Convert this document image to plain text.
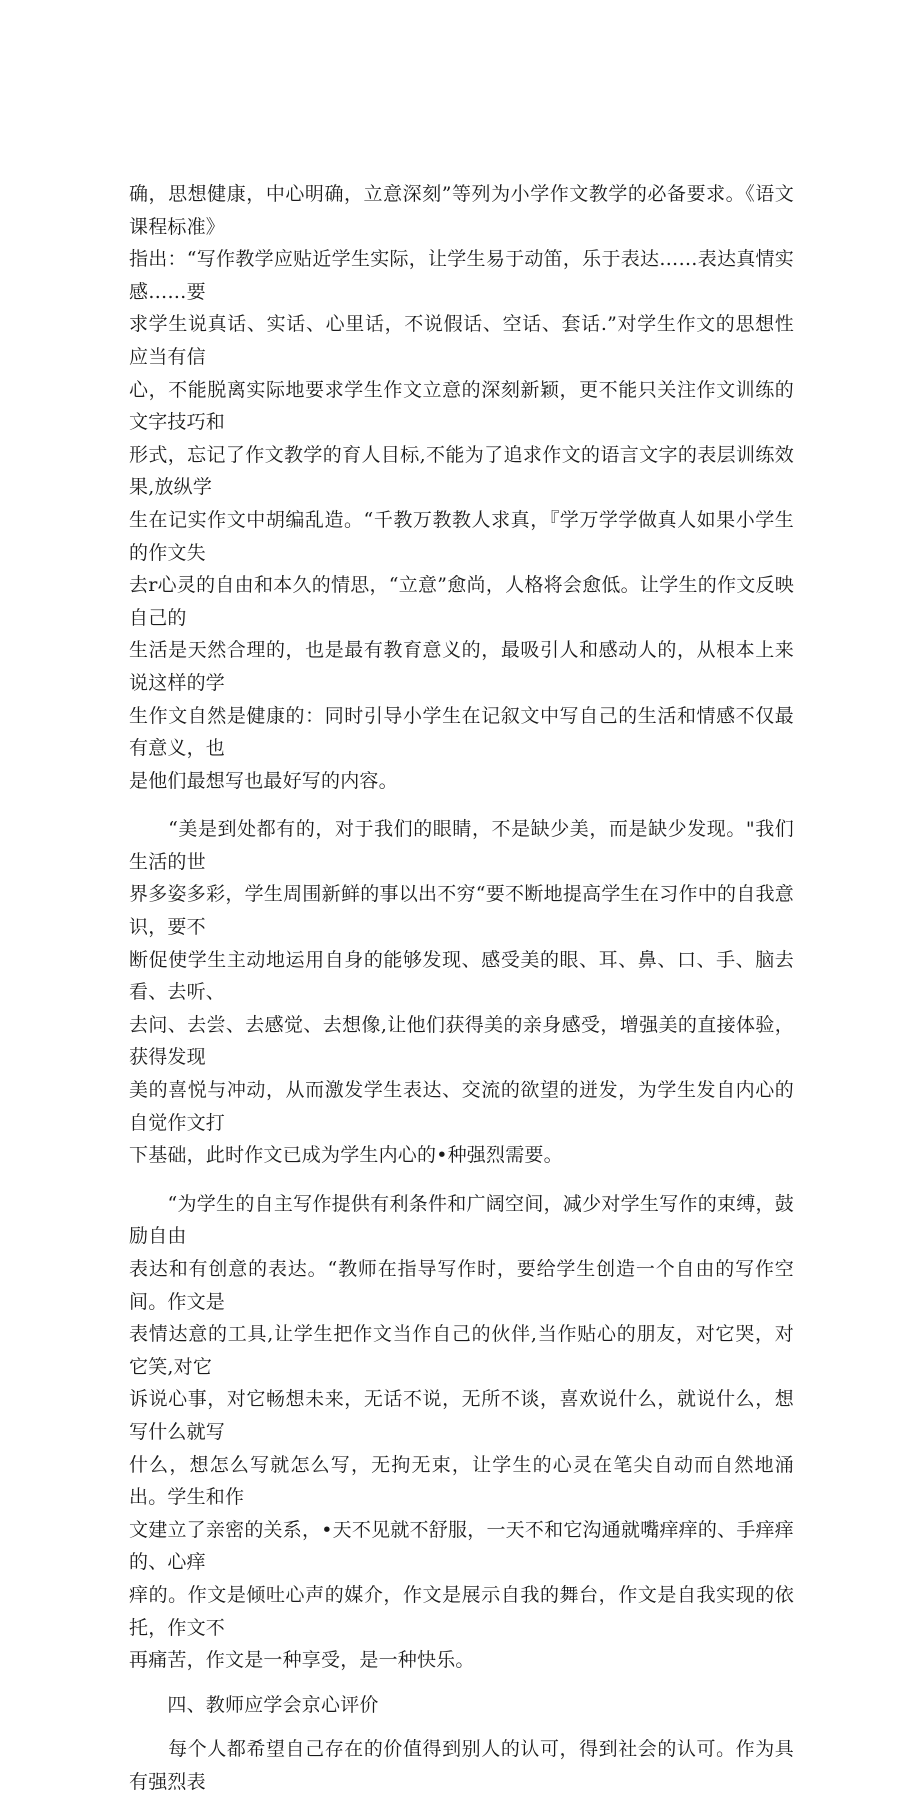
确，思想健康，中心明确，立意深刻”等列为小学作文教学的必备要求。《语文课程标准》
指出：“写作教学应贴近学生实际，让学生易于动笛，乐于表达……表达真情实感……要
求学生说真话、实话、心里话，不说假话、空话、套话.”对学生作文的思想性应当有信
心，不能脱离实际地要求学生作文立意的深刻新颖，更不能只关注作文训练的文字技巧和
形式，忘记了作文教学的育人目标,不能为了追求作文的语言文字的表层训练效果,放纵学
生在记实作文中胡编乱造。“千教万教教人求真，『学万学学做真人如果小学生的作文失
去r心灵的自由和本久的情思，“立意”愈尚，人格将会愈低。让学生的作文反映自己的
生活是天然合理的，也是最有教育意义的，最吸引人和感动人的，从根本上来说这样的学
生作文自然是健康的：同时引导小学生在记叙文中写自己的生活和情感不仅最有意义，也
是他们最想写也最好写的内容。

　　“美是到处都有的，对于我们的眼睛，不是缺少美，而是缺少发现。"我们生活的世
界多姿多彩，学生周围新鲜的事以出不穷“要不断地提高学生在习作中的自我意识，要不
断促使学生主动地运用自身的能够发现、感受美的眼、耳、鼻、口、手、脑去看、去听、
去问、去尝、去感觉、去想像,让他们获得美的亲身感受，增强美的直接体验，获得发现
美的喜悦与冲动，从而激发学生表达、交流的欲望的迸发，为学生发自内心的自觉作文打
下基础，此时作文已成为学生内心的•种强烈需要。

　　“为学生的自主写作提供有利条件和广阔空间，减少对学生写作的束缚，鼓励自由
表达和有创意的表达。“教师在指导写作时，要给学生创造一个自由的写作空间。作文是
表情达意的工具,让学生把作文当作自己的伙伴,当作贴心的朋友，对它哭，对它笑,对它
诉说心事，对它畅想未来，无话不说，无所不谈，喜欢说什么，就说什么，想写什么就写
什么，想怎么写就怎么写，无拘无束，让学生的心灵在笔尖自动而自然地涌出。学生和作
文建立了亲密的关系，•天不见就不舒服，一天不和它沟通就嘴痒痒的、手痒痒的、心痒
痒的。作文是倾吐心声的媒介，作文是展示自我的舞台，作文是自我实现的依托，作文不
再痛苦，作文是一种享受，是一种快乐。

　　四、教师应学会京心评价

　　每个人都希望自己存在的价值得到别人的认可，得到社会的认可。作为具有强烈表
